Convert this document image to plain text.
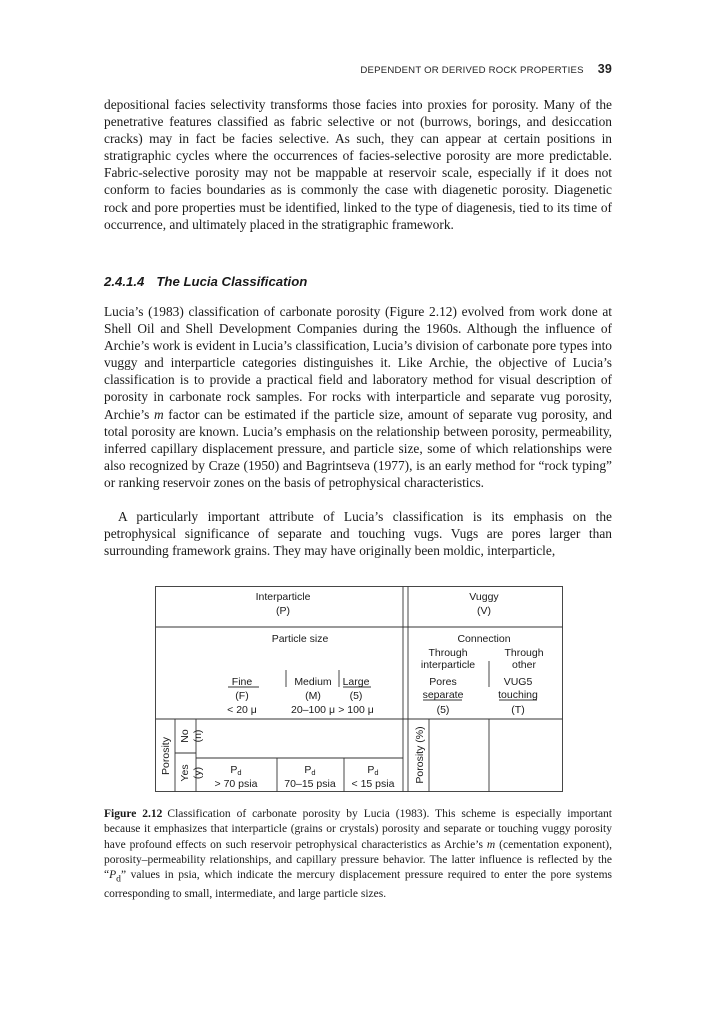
DEPENDENT OR DERIVED ROCK PROPERTIES 39

depositional facies selectivity transforms those facies into proxies for porosity. Many of the penetrative features classified as fabric selective or not (burrows, borings, and desiccation cracks) may in fact be facies selective. As such, they can appear at certain positions in stratigraphic cycles where the occurrences of facies-selective porosity are more predictable. Fabric-selective porosity may not be mappable at reservoir scale, especially if it does not conform to facies boundaries as is commonly the case with diagenetic porosity. Diagenetic rock and pore properties must be identified, linked to the type of diagenesis, tied to its time of occurrence, and ultimately placed in the stratigraphic framework.

2.4.1.4 The Lucia Classification

Lucia’s (1983) classification of carbonate porosity (Figure 2.12) evolved from work done at Shell Oil and Shell Development Companies during the 1960s. Although the influence of Archie’s work is evident in Lucia’s classification, Lucia’s division of carbonate pore types into vuggy and interparticle categories distinguishes it. Like Archie, the objective of Lucia’s classification is to provide a practical field and laboratory method for visual description of porosity in carbonate rock samples. For rocks with interparticle and separate vug porosity, Archie’s m factor can be estimated if the particle size, amount of separate vug porosity, and total porosity are known. Lucia’s emphasis on the relationship between porosity, permeability, inferred capillary displacement pressure, and particle size, some of which relationships were also recognized by Craze (1950) and Bagrintseva (1977), is an early method for “rock typing” or ranking reservoir zones on the basis of petrophysical characteristics.

A particularly important attribute of Lucia’s classification is its emphasis on the petrophysical significance of separate and touching vugs. Vugs are pores larger than surrounding framework grains. They may have originally been moldic, interparticle,

Interparticle
(P)
Vuggy
(V)
Particle size	Connection
Through
interparticle
Through
other
Fine
(F)
< 20 μ
Medium
(M)
20–100 μ
Large
(5)
> 100 μ
Pores
separate
(5)
VUG5
touching
(T)
Porosity
No (n)
Yes (y)	Porosity (%)
Pd
> 70 psia
Pd
70–15 psia
Pd
< 15 psia

Figure 2.12 Classification of carbonate porosity by Lucia (1983). This scheme is especially important because it emphasizes that interparticle (grains or crystals) porosity and separate or touching vuggy porosity have profound effects on such reservoir petrophysical characteristics as Archie’s m (cementation exponent), porosity–permeability relationships, and capillary pressure behavior. The latter influence is reflected by the “$P_d$” values in psia, which indicate the mercury displacement pressure required to enter the pore systems corresponding to small, intermediate, and large particle sizes.
